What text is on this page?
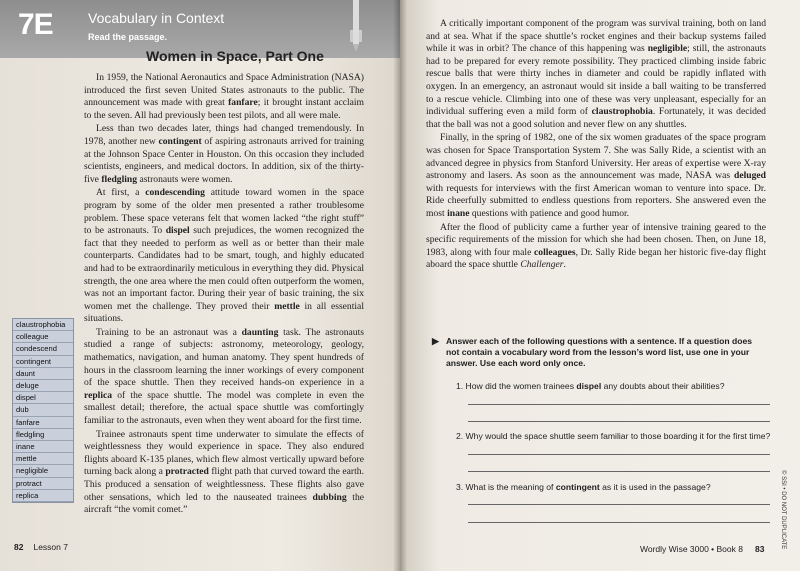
7E	Vocabulary in Context
Read the passage.
Women in Space, Part One

In 1959, the National Aeronautics and Space Administration (NASA) introduced the first seven United States astronauts to the public. The announcement was made with great fanfare; it brought instant acclaim to the seven. All had previously been test pilots, and all were male.

Less than two decades later, things had changed tremendously. In 1978, another new contingent of aspiring astronauts arrived for training at the Johnson Space Center in Houston. On this occasion they included scientists, engineers, and medical doctors. In addition, six of the thirty-five fledgling astronauts were women.

At first, a condescending attitude toward women in the space program by some of the older men presented a rather troublesome problem. These space veterans felt that women lacked “the right stuff” to be astronauts. To dispel such prejudices, the women recognized the fact that they needed to perform as well as or better than their male counterparts. Candidates had to be smart, tough, and highly educated and had to be extraordinarily meticulous in everything they did. Physical strength, the one area where the men could often outperform the women, was not an important factor. During their year of basic training, the six women met the challenge. They proved their mettle in all essential situations.

Training to be an astronaut was a daunting task. The astronauts studied a range of subjects: astronomy, meteorology, geology, mathematics, navigation, and human anatomy. They spent hundreds of hours in the classroom learning the inner workings of every component of the space shuttle. Then they received hands-on experience in a replica of the space shuttle. The model was complete in even the smallest detail; therefore, the actual space shuttle was comfortingly familiar to the astronauts, even when they went aboard for the first time.

Trainee astronauts spent time underwater to simulate the effects of weightlessness they would experience in space. They also endured flights aboard K-135 planes, which flew almost vertically upward before turning back along a protracted flight path that curved toward the earth. This produced a sensation of weightlessness. These flights also gave other sensations, which led to the nauseated trainees dubbing the aircraft “the vomit comet.”

claustrophobia
colleague
condescend
contingent
daunt
deluge
dispel
dub
fanfare
fledgling
inane
mettle
negligible
protract
replica
82 Lesson 7

A critically important component of the program was survival training, both on land and at sea. What if the space shuttle’s rocket engines and their backup systems failed while it was in orbit? The chance of this happening was negligible; still, the astronauts had to be prepared for every remote possibility. They practiced climbing inside fabric rescue balls that were thirty inches in diameter and could be rapidly inflated with oxygen. In an emergency, an astronaut would sit inside a ball waiting to be transferred to a rescue vehicle. Climbing into one of these was very unpleasant, especially for an individual suffering even a mild form of claustrophobia. Fortunately, it was decided that the ball was not a good solution and never flew on any shuttles.

Finally, in the spring of 1982, one of the six women graduates of the space program was chosen for Space Transportation System 7. She was Sally Ride, a scientist with an advanced degree in physics from Stanford University. Her areas of expertise were X-ray astronomy and lasers. As soon as the announcement was made, NASA was deluged with requests for interviews with the first American woman to venture into space. Dr. Ride cheerfully submitted to endless questions from reporters. She answered even the most inane questions with patience and good humor.

After the flood of publicity came a further year of intensive training geared to the specific requirements of the mission for which she had been chosen. Then, on June 18, 1983, along with four male colleagues, Dr. Sally Ride began her historic five-day flight aboard the space shuttle Challenger.

▶ Answer each of the following questions with a sentence. If a question does not contain a vocabulary word from the lesson’s word list, use one in your answer. Use each word only once.
1. How did the women trainees dispel any doubts about their abilities?
2. Why would the space shuttle seem familiar to those boarding it for the first time?
3. What is the meaning of contingent as it is used in the passage?	© SSI • DO NOT DUPLICATE
Wordly Wise 3000 • Book 8 83
